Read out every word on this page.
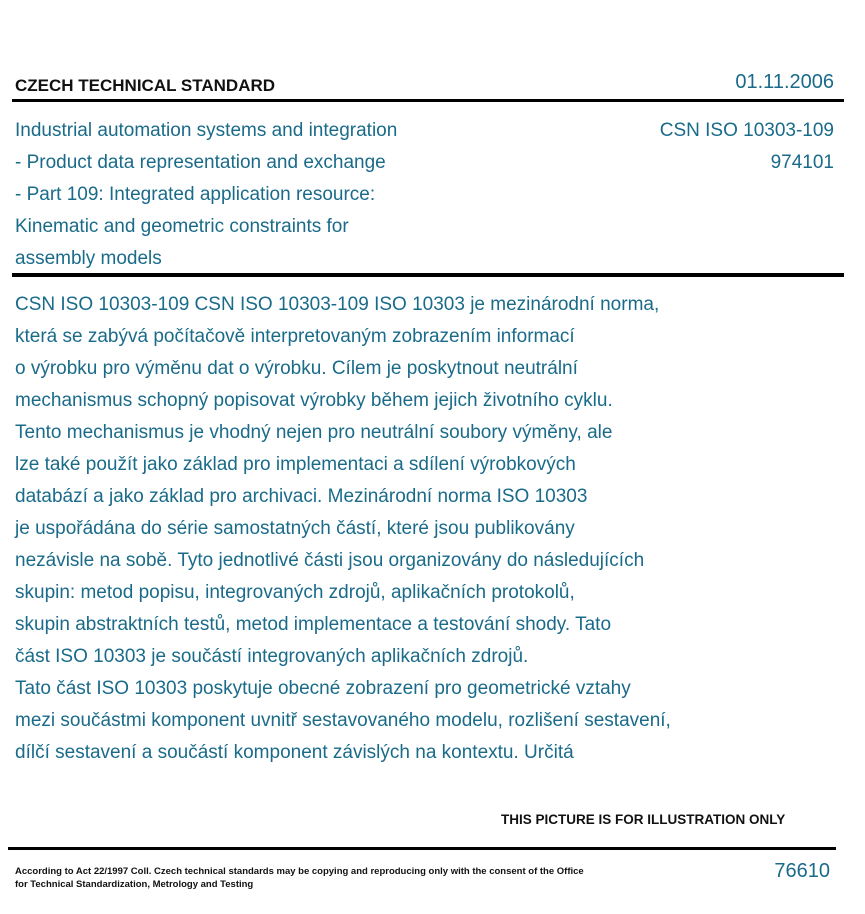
CZECH TECHNICAL STANDARD	01.11.2006
Industrial automation systems and integration
- Product data representation and exchange
- Part 109: Integrated application resource:
Kinematic and geometric constraints for
assembly models
CSN ISO 10303-109
974101
CSN ISO 10303-109 CSN ISO 10303-109 ISO 10303 je mezinárodní norma,
která se zabývá počítačově interpretovaným zobrazením informací
o výrobku pro výměnu dat o výrobku. Cílem je poskytnout neutrální
mechanismus schopný popisovat výrobky během jejich životního cyklu.
Tento mechanismus je vhodný nejen pro neutrální soubory výměny, ale
lze také použít jako základ pro implementaci a sdílení výrobkových
databází a jako základ pro archivaci. Mezinárodní norma ISO 10303
je uspořádána do série samostatných částí, které jsou publikovány
nezávisle na sobě. Tyto jednotlivé části jsou organizovány do následujících
skupin: metod popisu, integrovaných zdrojů, aplikačních protokolů,
skupin abstraktních testů, metod implementace a testování shody. Tato
část ISO 10303 je součástí integrovaných aplikačních zdrojů.
Tato část ISO 10303 poskytuje obecné zobrazení pro geometrické vztahy
mezi součástmi komponent uvnitř sestavovaného modelu, rozlišení sestavení,
dílčí sestavení a součástí komponent závislých na kontextu. Určitá
THIS PICTURE IS FOR ILLUSTRATION ONLY
According to Act 22/1997 Coll. Czech technical standards may be copying and reproducing only with the consent of the Office
for Technical Standardization, Metrology and Testing
76610
